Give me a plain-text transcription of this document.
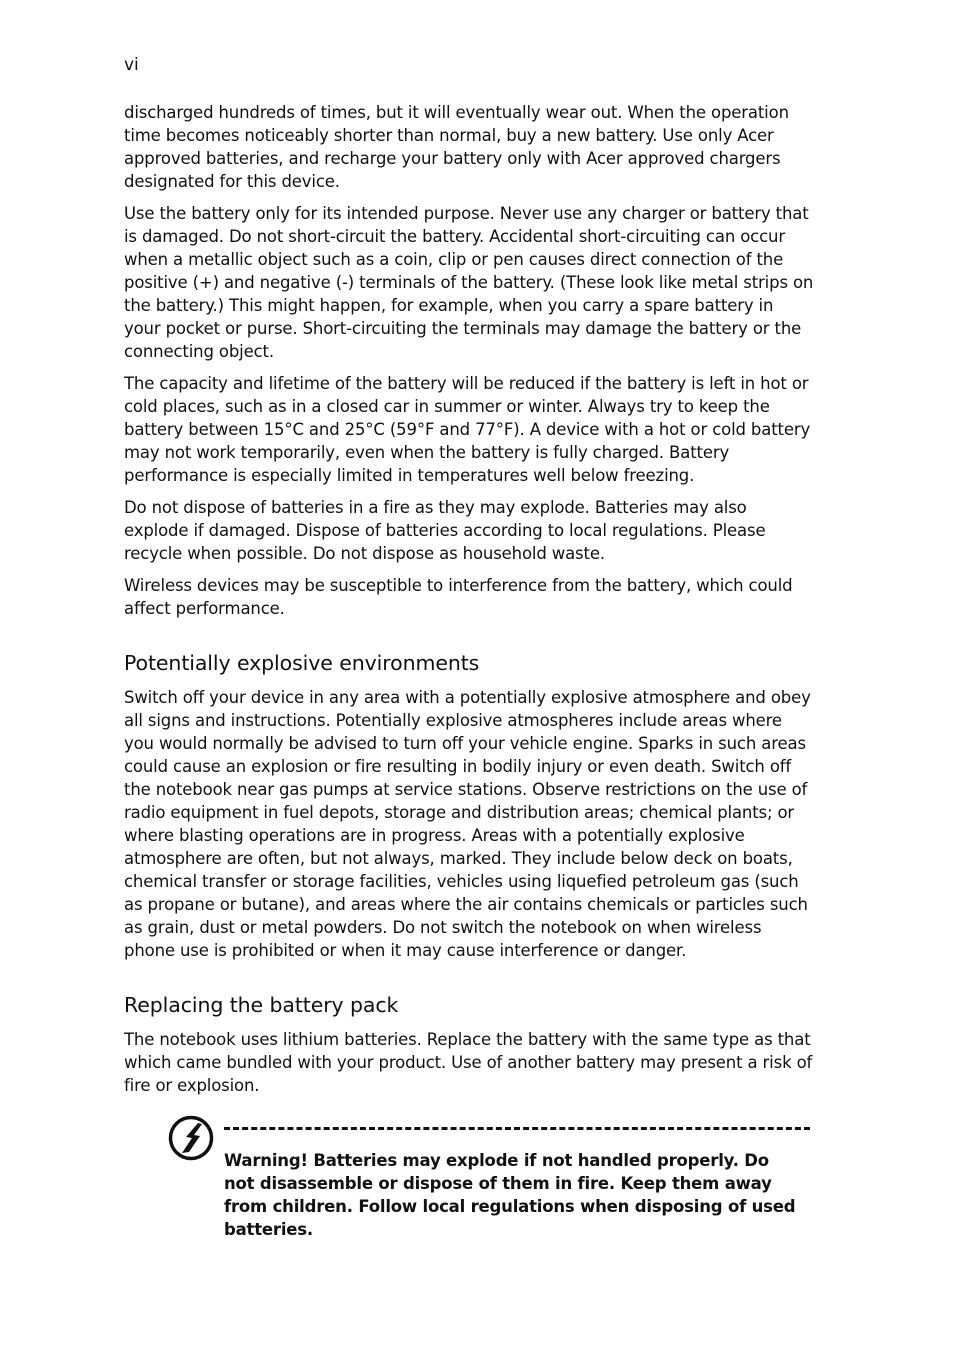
vi

discharged hundreds of times, but it will eventually wear out. When the operation time becomes noticeably shorter than normal, buy a new battery. Use only Acer approved batteries, and recharge your battery only with Acer approved chargers designated for this device.

Use the battery only for its intended purpose. Never use any charger or battery that is damaged. Do not short-circuit the battery. Accidental short-circuiting can occur when a metallic object such as a coin, clip or pen causes direct connection of the positive (+) and negative (-) terminals of the battery. (These look like metal strips on the battery.) This might happen, for example, when you carry a spare battery in your pocket or purse. Short-circuiting the terminals may damage the battery or the connecting object.

The capacity and lifetime of the battery will be reduced if the battery is left in hot or cold places, such as in a closed car in summer or winter. Always try to keep the battery between 15°C and 25°C (59°F and 77°F). A device with a hot or cold battery may not work temporarily, even when the battery is fully charged. Battery performance is especially limited in temperatures well below freezing.

Do not dispose of batteries in a fire as they may explode. Batteries may also explode if damaged. Dispose of batteries according to local regulations. Please recycle when possible. Do not dispose as household waste.

Wireless devices may be susceptible to interference from the battery, which could affect performance.

Potentially explosive environments

Switch off your device in any area with a potentially explosive atmosphere and obey all signs and instructions. Potentially explosive atmospheres include areas where you would normally be advised to turn off your vehicle engine. Sparks in such areas could cause an explosion or fire resulting in bodily injury or even death. Switch off the notebook near gas pumps at service stations. Observe restrictions on the use of radio equipment in fuel depots, storage and distribution areas; chemical plants; or where blasting operations are in progress. Areas with a potentially explosive atmosphere are often, but not always, marked. They include below deck on boats, chemical transfer or storage facilities, vehicles using liquefied petroleum gas (such as propane or butane), and areas where the air contains chemicals or particles such as grain, dust or metal powders. Do not switch the notebook on when wireless phone use is prohibited or when it may cause interference or danger.

Replacing the battery pack

The notebook uses lithium batteries. Replace the battery with the same type as that which came bundled with your product. Use of another battery may present a risk of fire or explosion.

Warning! Batteries may explode if not handled properly. Do not disassemble or dispose of them in fire. Keep them away from children. Follow local regulations when disposing of used batteries.
